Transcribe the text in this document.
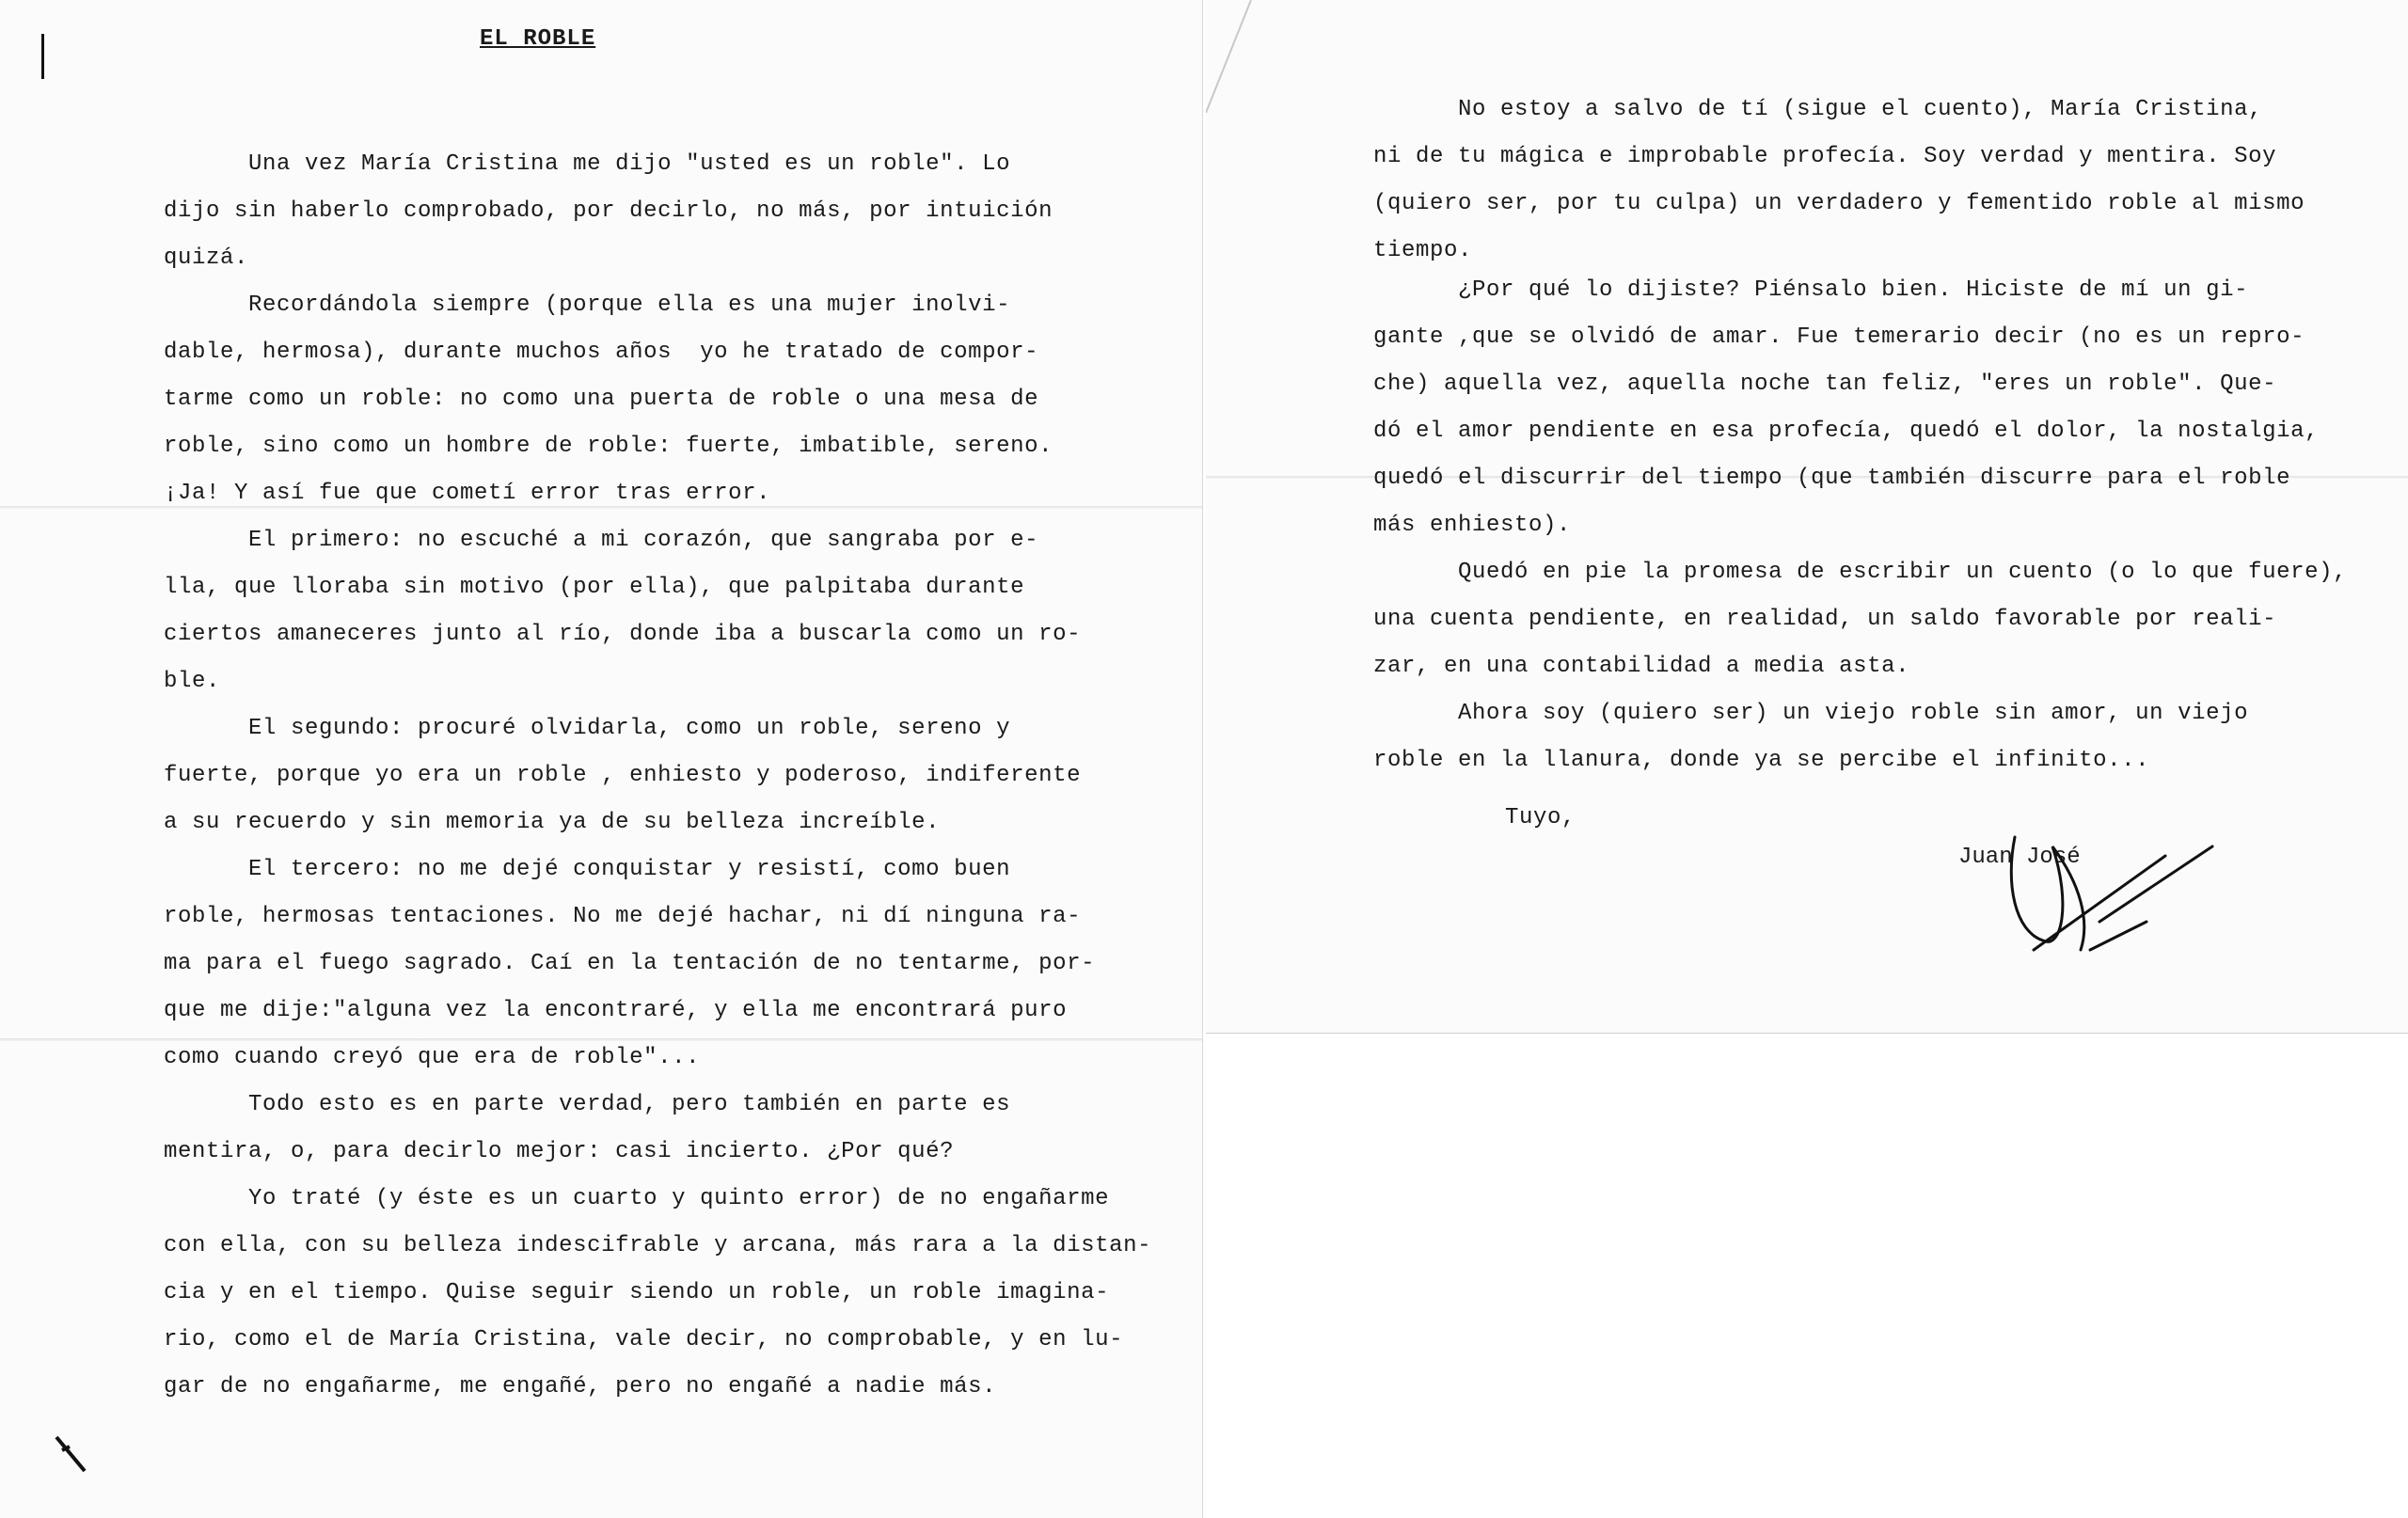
EL ROBLE
Una vez María Cristina me dijo "usted es un roble". Lo
dijo sin haberlo comprobado, por decirlo, no más, por intuición
quizá.
Recordándola siempre (porque ella es una mujer inolvi-
dable, hermosa), durante muchos años  yo he tratado de compor-
tarme como un roble: no como una puerta de roble o una mesa de
roble, sino como un hombre de roble: fuerte, imbatible, sereno.
¡Ja! Y así fue que cometí error tras error.
El primero: no escuché a mi corazón, que sangraba por e-
lla, que lloraba sin motivo (por ella), que palpitaba durante
ciertos amaneceres junto al río, donde iba a buscarla como un ro-
ble.
El segundo: procuré olvidarla, como un roble, sereno y
fuerte, porque yo era un roble , enhiesto y poderoso, indiferente
a su recuerdo y sin memoria ya de su belleza increíble.
El tercero: no me dejé conquistar y resistí, como buen
roble, hermosas tentaciones. No me dejé hachar, ni dí ninguna ra-
ma para el fuego sagrado. Caí en la tentación de no tentarme, por-
que me dije:"alguna vez la encontraré, y ella me encontrará puro
como cuando creyó que era de roble"...
Todo esto es en parte verdad, pero también en parte es
mentira, o, para decirlo mejor: casi incierto. ¿Por qué?
Yo traté (y éste es un cuarto y quinto error) de no engañarme
con ella, con su belleza indescifrable y arcana, más rara a la distan-
cia y en el tiempo. Quise seguir siendo un roble, un roble imagina-
rio, como el de María Cristina, vale decir, no comprobable, y en lu-
gar de no engañarme, me engañé, pero no engañé a nadie más.
No estoy a salvo de tí (sigue el cuento), María Cristina,
ni de tu mágica e improbable profecía. Soy verdad y mentira. Soy
(quiero ser, por tu culpa) un verdadero y fementido roble al mismo
tiempo.
¿Por qué lo dijiste? Piénsalo bien. Hiciste de mí un gi-
gante ,que se olvidó de amar. Fue temerario decir (no es un repro-
che) aquella vez, aquella noche tan feliz, "eres un roble". Que-
dó el amor pendiente en esa profecía, quedó el dolor, la nostalgia,
quedó el discurrir del tiempo (que también discurre para el roble
más enhiesto).
Quedó en pie la promesa de escribir un cuento (o lo que fuere),
una cuenta pendiente, en realidad, un saldo favorable por reali-
zar, en una contabilidad a media asta.
Ahora soy (quiero ser) un viejo roble sin amor, un viejo
roble en la llanura, donde ya se percibe el infinito...
Tuyo,
Juan José
